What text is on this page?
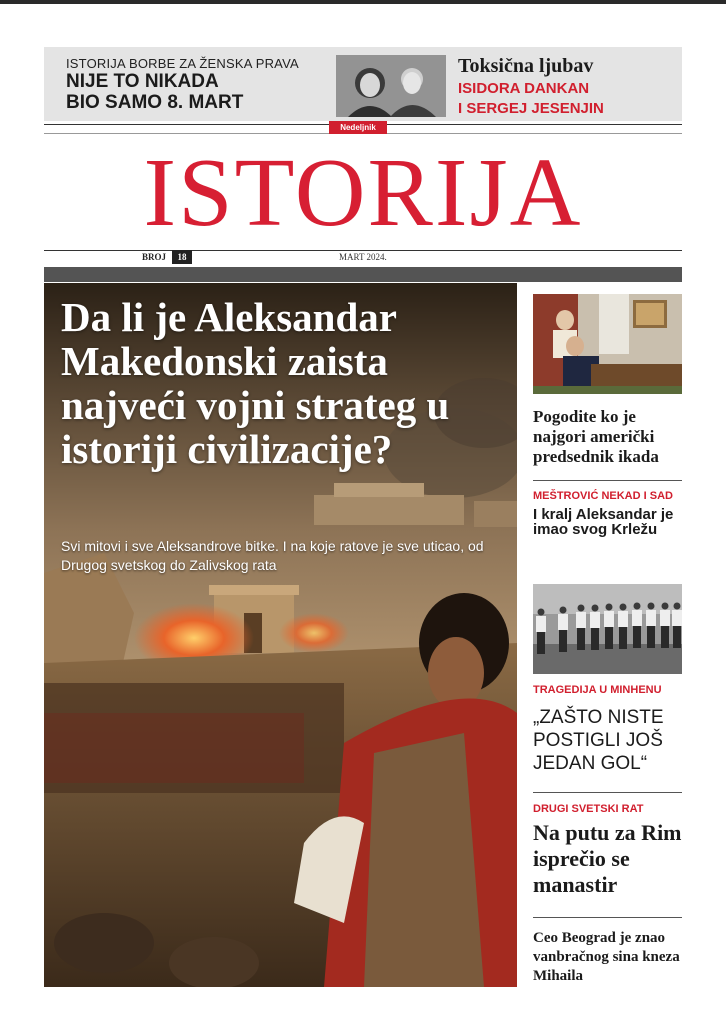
ISTORIJA BORBE ZA ŽENSKA PRAVA
NIJE TO NIKADA
BIO SAMO 8. MART
Toksična ljubav
ISIDORA DANKAN
I SERGEJ JESENJIN
Nedeljnik
ISTORIJA
BROJ	18	MART 2024.
Da li je Aleksandar Makedonski zaista najveći vojni strateg u istoriji civilizacije?
Svi mitovi i sve Aleksandrove bitke. I na koje ratove je sve uticao, od Drugog svetskog do Zalivskog rata
Pogodite ko je najgori američki predsednik ikada
MEŠTROVIĆ NEKAD I SAD
I kralj Aleksandar je imao svog Krležu
TRAGEDIJA U MINHENU
„ZAŠTO NISTE POSTIGLI JOŠ JEDAN GOL“
DRUGI SVETSKI RAT
Na putu za Rim isprečio se manastir
Ceo Beograd je znao vanbračnog sina kneza Mihaila
